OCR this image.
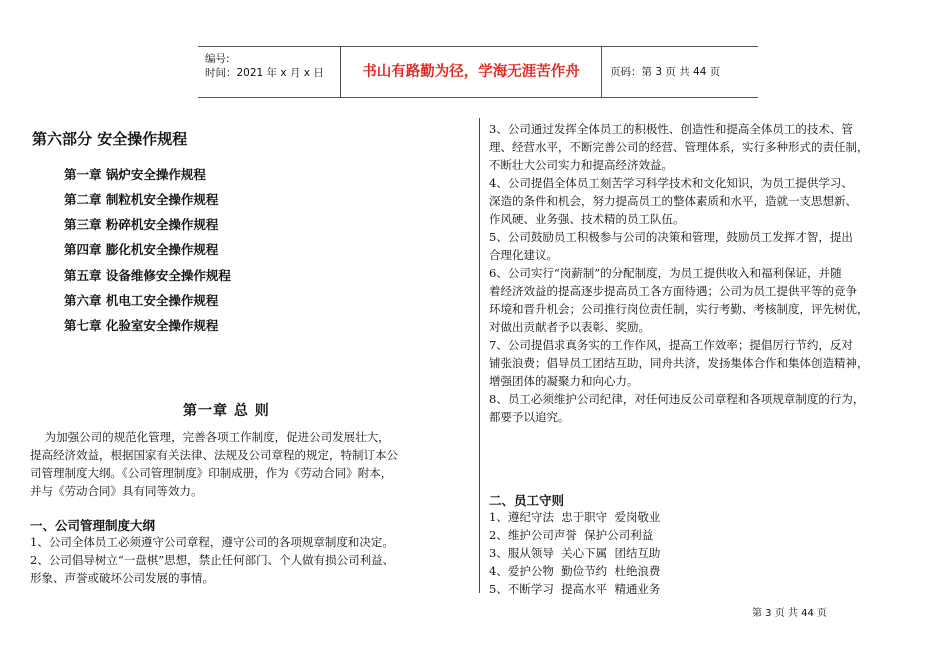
编号:
时间：2021 年 x 月 x 日	书山有路勤为径，学海无涯苦作舟	页码：第 3 页 共 44 页
第六部分 安全操作规程
第一章 锅炉安全操作规程
第二章 制粒机安全操作规程
第三章 粉碎机安全操作规程
第四章 膨化机安全操作规程
第五章 设备维修安全操作规程
第六章 机电工安全操作规程
第七章 化验室安全操作规程
第一章 总 则
为加强公司的规范化管理，完善各项工作制度，促进公司发展壮大，
提高经济效益，根据国家有关法律、法规及公司章程的规定，特制订本公
司管理制度大纲。《公司管理制度》印制成册，作为《劳动合同》附本，
并与《劳动合同》具有同等效力。
一、公司管理制度大纲
1、公司全体员工必须遵守公司章程，遵守公司的各项规章制度和决定。
2、公司倡导树立“一盘棋”思想，禁止任何部门、个人做有损公司利益、
形象、声誉或破坏公司发展的事情。
3、公司通过发挥全体员工的积极性、创造性和提高全体员工的技术、管
理、经营水平，不断完善公司的经营、管理体系，实行多种形式的责任制，
不断壮大公司实力和提高经济效益。
4、公司提倡全体员工刻苦学习科学技术和文化知识，为员工提供学习、
深造的条件和机会，努力提高员工的整体素质和水平，造就一支思想新、
作风硬、业务强、技术精的员工队伍。
5、公司鼓励员工积极参与公司的决策和管理，鼓励员工发挥才智，提出
合理化建议。
6、公司实行“岗薪制”的分配制度，为员工提供收入和福利保证，并随
着经济效益的提高逐步提高员工各方面待遇；公司为员工提供平等的竞争
环境和晋升机会；公司推行岗位责任制，实行考勤、考核制度，评先树优，
对做出贡献者予以表彰、奖励。
7、公司提倡求真务实的工作作风，提高工作效率；提倡厉行节约，反对
铺张浪费；倡导员工团结互助，同舟共济，发扬集体合作和集体创造精神，
增强团体的凝聚力和向心力。
8、员工必须维护公司纪律，对任何违反公司章程和各项规章制度的行为，
都要予以追究。
二、员工守则
1、遵纪守法  忠于职守  爱岗敬业
2、维护公司声誉  保护公司利益
3、服从领导  关心下属  团结互助
4、爱护公物  勤俭节约  杜绝浪费
5、不断学习  提高水平  精通业务
第 3 页 共 44 页
